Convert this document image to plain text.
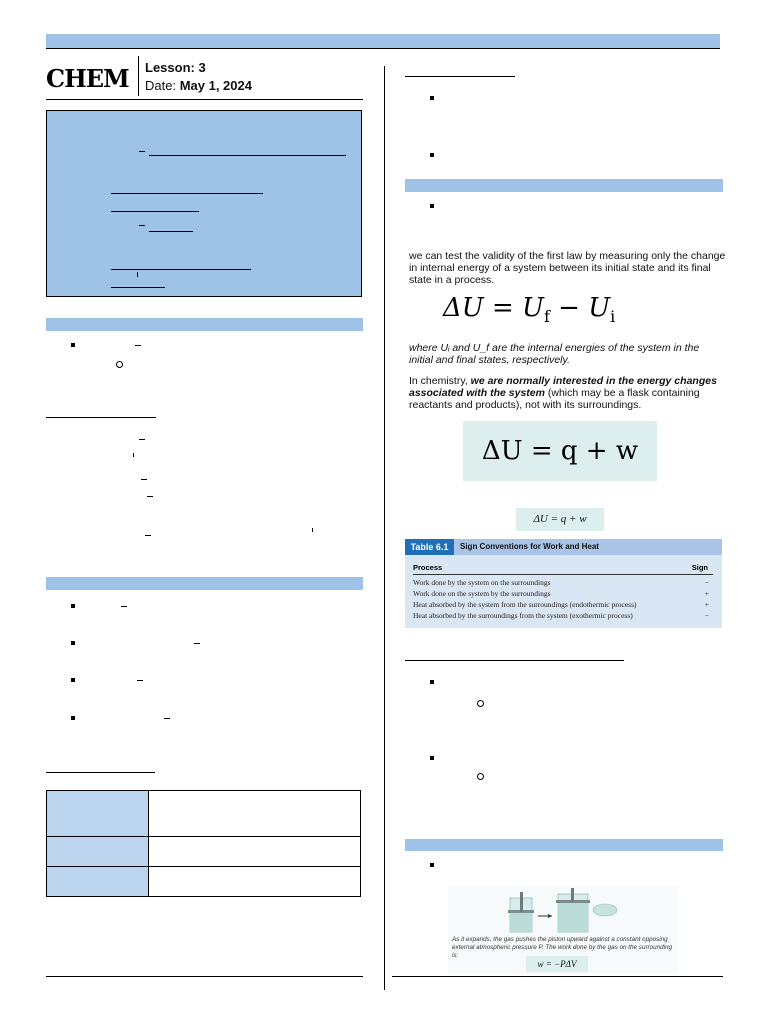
CHEM Lesson: 3
Date: May 1, 2024

we can test the validity of the first law by measuring only the change in internal energy of a system between its initial state and its final state in a process.
$\Delta U = U_f - U_i$
where Uᵢ and U_f are the internal energies of the system in the initial and final states, respectively.
In chemistry, we are normally interested in the energy changes associated with the system (which may be a flask containing reactants and products), not with its surroundings.
ΔU = q + w
ΔU = q + w
Table 6.1	Sign Conventions for Work and Heat
Process	Sign
Work done by the system on the surroundings	−
Work done on the system by the surroundings	+
Heat absorbed by the system from the surroundings (endothermic process)	+
Heat absorbed by the surroundings from the system (exothermic process)	−
w = −PΔV
As it expands, the gas pushes the piston upward against a constant opposing external atmospheric pressure P. The work done by the gas on the surrounding is:
